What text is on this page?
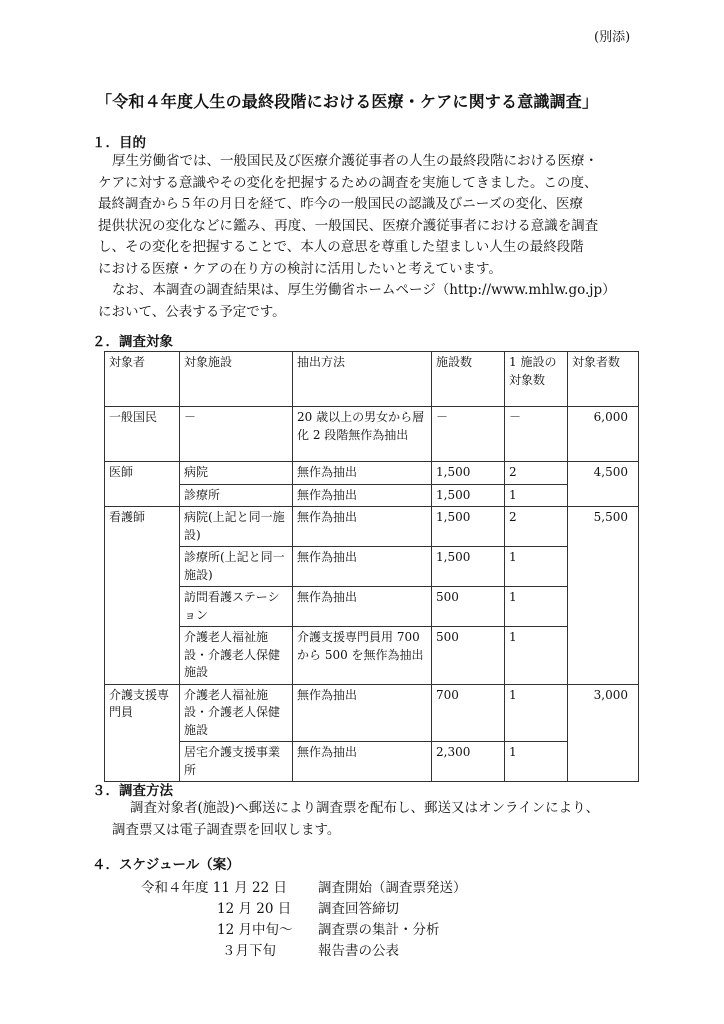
(別添)
「令和４年度人生の最終段階における医療・ケアに関する意識調査」
１．目的

厚生労働省では、一般国民及び医療介護従事者の人生の最終段階における医療・

ケアに対する意識やその変化を把握するための調査を実施してきました。この度、

最終調査から５年の月日を経て、昨今の一般国民の認識及びニーズの変化、医療

提供状況の変化などに鑑み、再度、一般国民、医療介護従事者における意識を調査

し、その変化を把握することで、本人の意思を尊重した望ましい人生の最終段階

における医療・ケアの在り方の検討に活用したいと考えています。

なお、本調査の調査結果は、厚生労働省ホームページ（http://www.mhlw.go.jp）

において、公表する予定です。

２．調査対象
対象者	対象施設	抽出方法	施設数	1 施設の対象数	対象者数
一般国民	－	20 歳以上の男女から層化 2 段階無作為抽出	－	－	6,000
医師	病院	無作為抽出	1,500	2	4,500
	診療所	無作為抽出	1,500	1	
看護師	病院(上記と同一施設)	無作為抽出	1,500	2	5,500
	診療所(上記と同一施設)	無作為抽出	1,500	1	
	訪問看護ステーション	無作為抽出	500	1	
	介護老人福祉施設・介護老人保健施設	介護支援専門員用 700 から 500 を無作為抽出	500	1	
介護支援専門員	介護老人福祉施設・介護老人保健施設	無作為抽出	700	1	3,000
	居宅介護支援事業所	無作為抽出	2,300	1	
３．調査方法
調査対象者(施設)へ郵送により調査票を配布し、郵送又はオンラインにより、
調査票又は電子調査票を回収します。
４．スケジュール（案）
令和４年度 11 月 22 日 調査開始（調査票発送）
12 月 20 日 調査回答締切
12 月中旬～ 調査票の集計・分析
３月下旬	報告書の公表
